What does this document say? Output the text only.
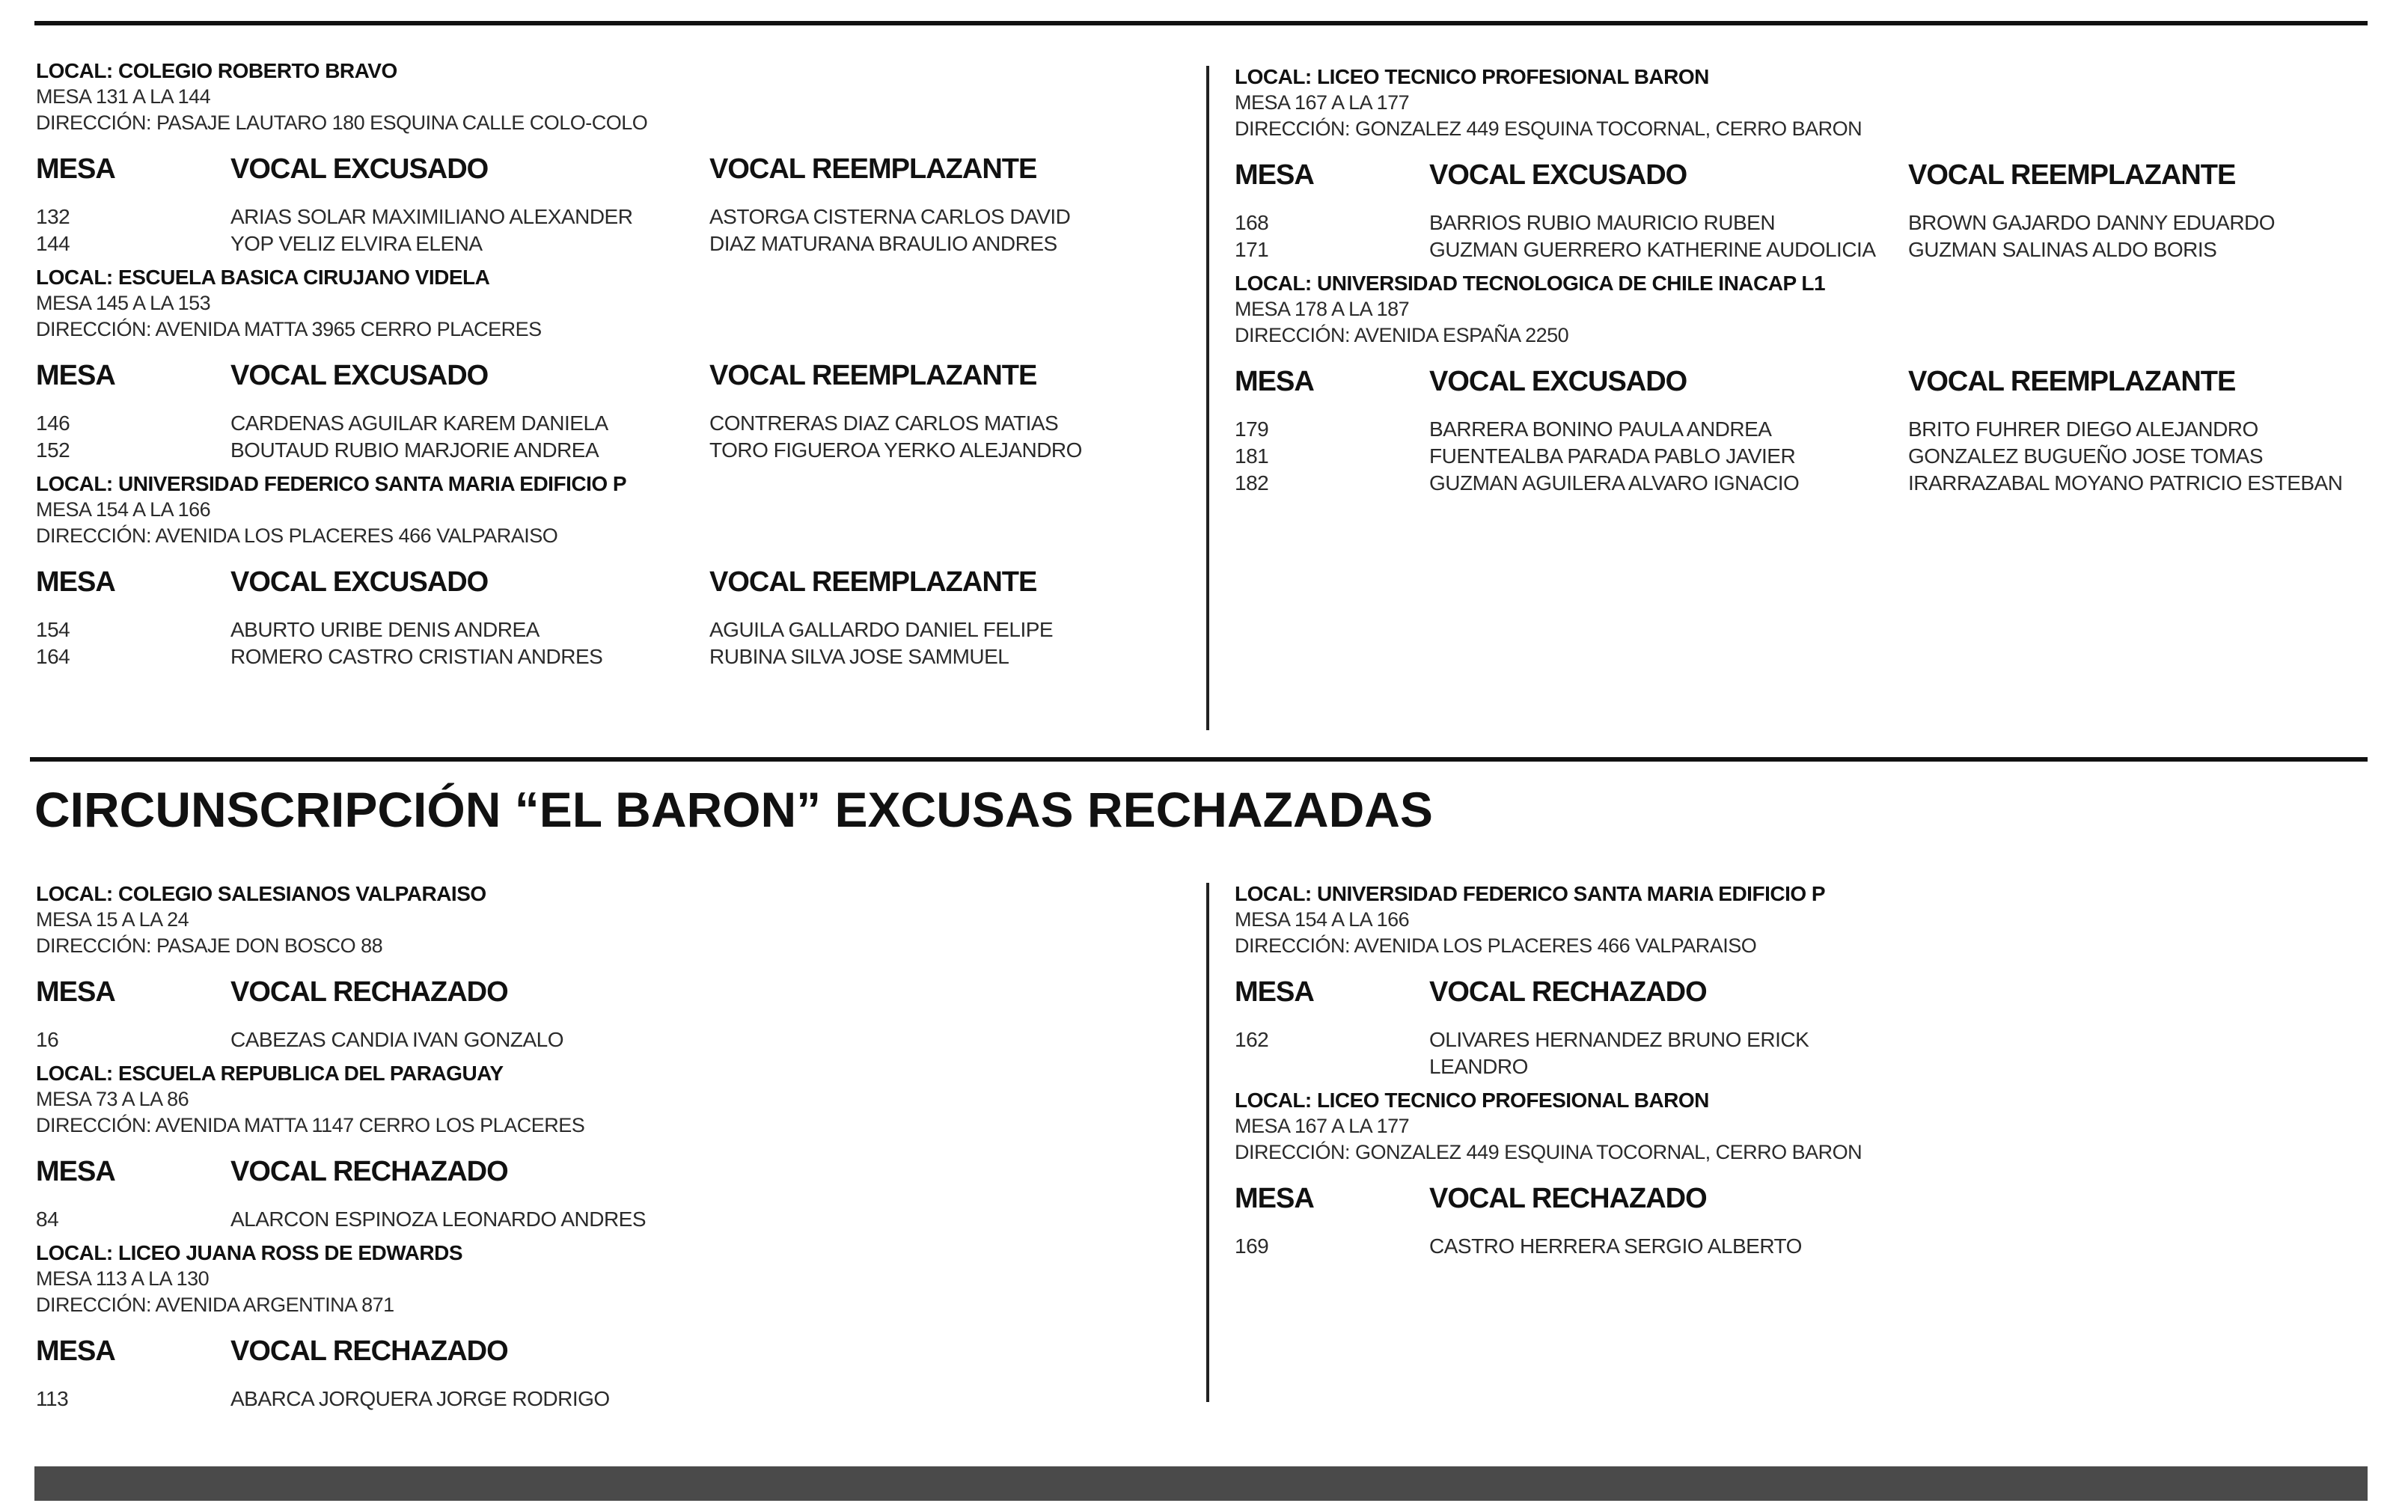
CIRCUNSCRIPCIÓN “EL BARON” EXCUSAS RECHAZADAS
LOCAL: COLEGIO ROBERTO BRAVO
MESA 131 A LA 144
DIRECCIÓN: PASAJE LAUTARO 180 ESQUINA CALLE COLO-COLO
MESA	VOCAL EXCUSADO	VOCAL REEMPLAZANTE
132	ARIAS SOLAR MAXIMILIANO ALEXANDER	ASTORGA CISTERNA CARLOS DAVID
144	YOP VELIZ ELVIRA ELENA	DIAZ MATURANA BRAULIO ANDRES
LOCAL: ESCUELA BASICA CIRUJANO VIDELA
MESA 145 A LA 153
DIRECCIÓN: AVENIDA MATTA 3965 CERRO PLACERES
MESA	VOCAL EXCUSADO	VOCAL REEMPLAZANTE
146	CARDENAS AGUILAR KAREM DANIELA	CONTRERAS DIAZ CARLOS MATIAS
152	BOUTAUD RUBIO MARJORIE ANDREA	TORO FIGUEROA YERKO ALEJANDRO
LOCAL: UNIVERSIDAD FEDERICO SANTA MARIA EDIFICIO P
MESA 154 A LA 166
DIRECCIÓN: AVENIDA LOS PLACERES 466 VALPARAISO
MESA	VOCAL EXCUSADO	VOCAL REEMPLAZANTE
154	ABURTO URIBE DENIS ANDREA	AGUILA GALLARDO DANIEL FELIPE
164	ROMERO CASTRO CRISTIAN ANDRES	RUBINA SILVA JOSE SAMMUEL
LOCAL: LICEO TECNICO PROFESIONAL BARON
MESA 167 A LA 177
DIRECCIÓN: GONZALEZ 449 ESQUINA TOCORNAL, CERRO BARON
MESA	VOCAL EXCUSADO	VOCAL REEMPLAZANTE
168	BARRIOS RUBIO MAURICIO RUBEN	BROWN GAJARDO DANNY EDUARDO
171	GUZMAN GUERRERO KATHERINE AUDOLICIA	GUZMAN SALINAS ALDO BORIS
LOCAL: UNIVERSIDAD TECNOLOGICA DE CHILE INACAP L1
MESA 178 A LA 187
DIRECCIÓN: AVENIDA ESPAÑA 2250
MESA	VOCAL EXCUSADO	VOCAL REEMPLAZANTE
179	BARRERA BONINO PAULA ANDREA	BRITO FUHRER DIEGO ALEJANDRO
181	FUENTEALBA PARADA PABLO JAVIER	GONZALEZ BUGUEÑO JOSE TOMAS
182	GUZMAN AGUILERA ALVARO IGNACIO	IRARRAZABAL MOYANO PATRICIO ESTEBAN
LOCAL: COLEGIO SALESIANOS VALPARAISO
MESA 15 A LA 24
DIRECCIÓN: PASAJE DON BOSCO 88
MESA	VOCAL RECHAZADO
16	CABEZAS CANDIA IVAN GONZALO
LOCAL: ESCUELA REPUBLICA DEL PARAGUAY
MESA 73 A LA 86
DIRECCIÓN: AVENIDA MATTA 1147 CERRO LOS PLACERES
MESA	VOCAL RECHAZADO
84	ALARCON ESPINOZA LEONARDO ANDRES
LOCAL: LICEO JUANA ROSS DE EDWARDS
MESA 113 A LA 130
DIRECCIÓN: AVENIDA ARGENTINA 871
MESA	VOCAL RECHAZADO
113	ABARCA JORQUERA JORGE RODRIGO
LOCAL: UNIVERSIDAD FEDERICO SANTA MARIA EDIFICIO P
MESA 154 A LA 166
DIRECCIÓN: AVENIDA LOS PLACERES 466 VALPARAISO
MESA	VOCAL RECHAZADO
162	OLIVARES HERNANDEZ BRUNO ERICK LEANDRO
LOCAL: LICEO TECNICO PROFESIONAL BARON
MESA 167 A LA 177
DIRECCIÓN: GONZALEZ 449 ESQUINA TOCORNAL, CERRO BARON
MESA	VOCAL RECHAZADO
169	CASTRO HERRERA SERGIO ALBERTO
